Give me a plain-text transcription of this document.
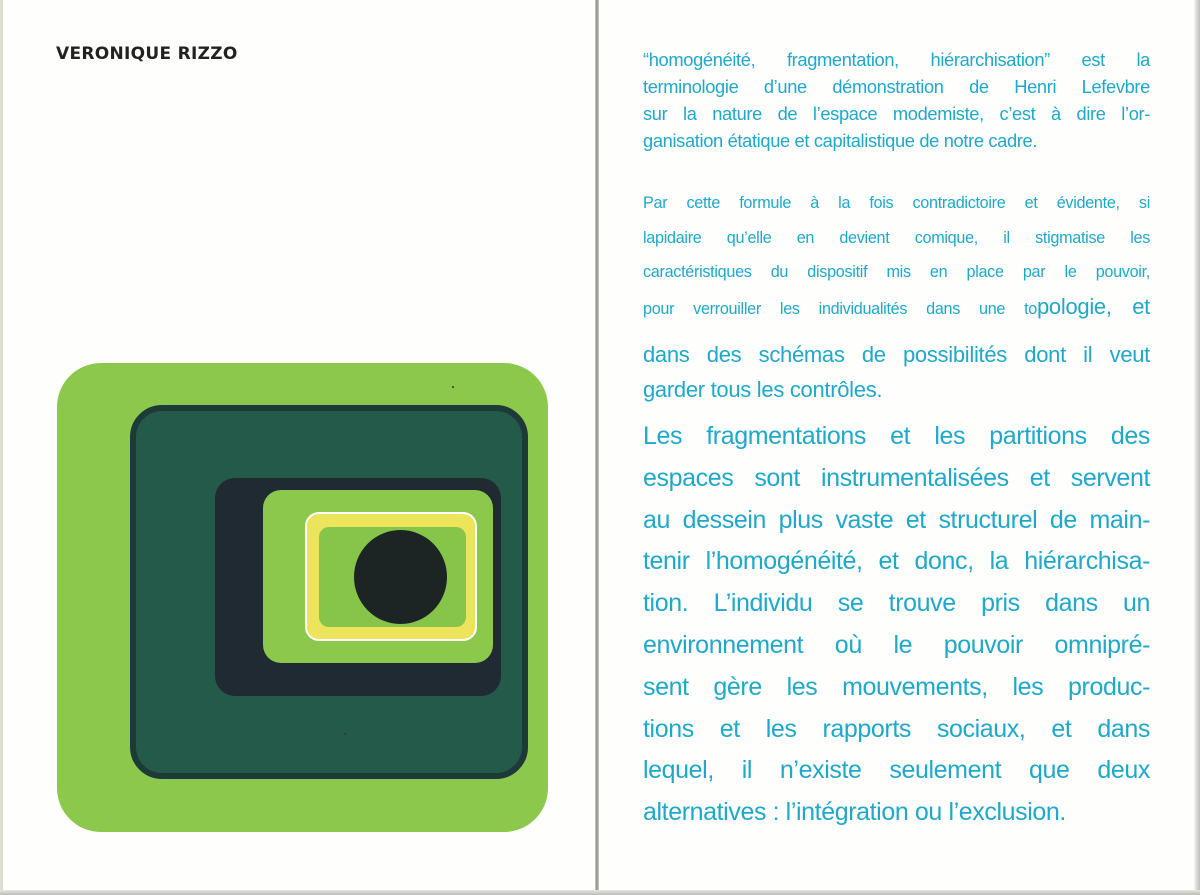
VERONIQUE RIZZO	“homogénéité, fragmentation, hiérarchisation” est la
terminologie d’une démonstration de Henri Lefevbre
sur la nature de l’espace modemiste, c’est à dire l’or-
ganisation étatique et capitalistique de notre cadre.
Par cette formule à la fois contradictoire et évidente, si
lapidaire qu’elle en devient comique, il stigmatise les
caractéristiques du dispositif mis en place par le pouvoir,
pour verrouiller les individualités dans une topologie, et
dans des schémas de possibilités dont il veut
garder tous les contrôles.
Les fragmentations et les partitions des
espaces sont instrumentalisées et servent
au dessein plus vaste et structurel de main-
tenir l’homogénéité, et donc, la hiérarchisa-
tion. L’individu se trouve pris dans un
environnement où le pouvoir omnipré-
sent gère les mouvements, les produc-
tions et les rapports sociaux, et dans
lequel, il n’existe seulement que deux
alternatives : l’intégration ou l’exclusion.
